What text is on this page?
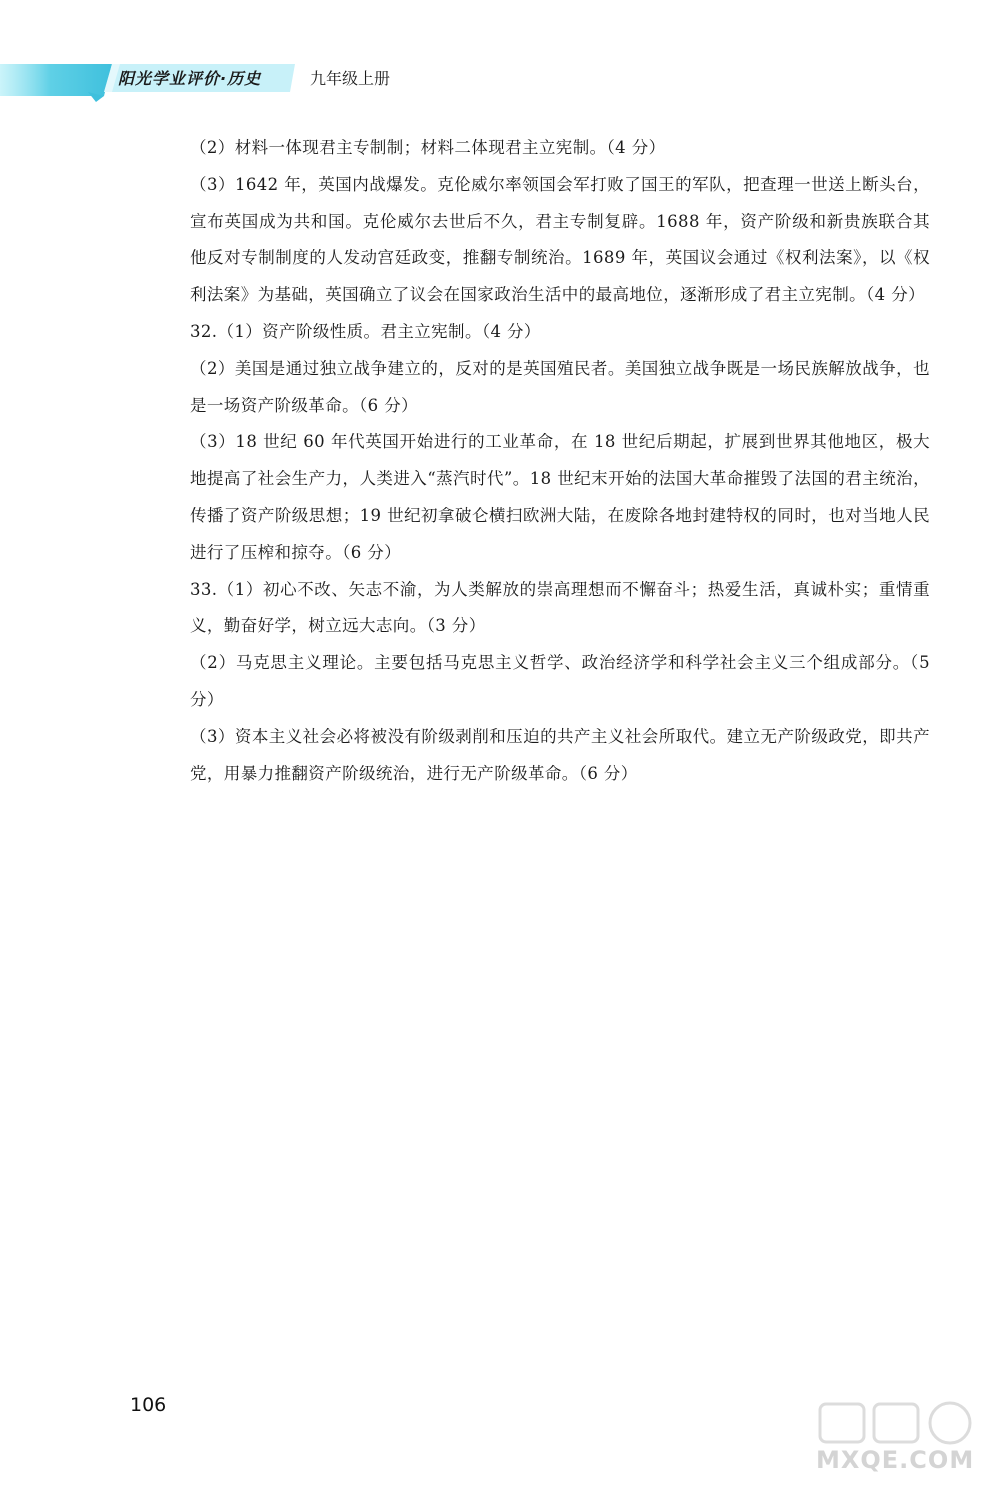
阳光学业评价·历史	九年级上册

（2）材料一体现君主专制制；材料二体现君主立宪制。（4 分）

（3）1642 年，英国内战爆发。克伦威尔率领国会军打败了国王的军队，把查理一世送上断头台，宣布英国成为共和国。克伦威尔去世后不久，君主专制复辟。1688 年，资产阶级和新贵族联合其他反对专制制度的人发动宫廷政变，推翻专制统治。1689 年，英国议会通过《权利法案》，以《权利法案》为基础，英国确立了议会在国家政治生活中的最高地位，逐渐形成了君主立宪制。（4 分）

32.（1）资产阶级性质。君主立宪制。（4 分）

（2）美国是通过独立战争建立的，反对的是英国殖民者。美国独立战争既是一场民族解放战争，也是一场资产阶级革命。（6 分）

（3）18 世纪 60 年代英国开始进行的工业革命，在 18 世纪后期起，扩展到世界其他地区，极大地提高了社会生产力，人类进入“蒸汽时代”。18 世纪末开始的法国大革命摧毁了法国的君主统治，传播了资产阶级思想；19 世纪初拿破仑横扫欧洲大陆，在废除各地封建特权的同时，也对当地人民进行了压榨和掠夺。（6 分）

33.（1）初心不改、矢志不渝，为人类解放的崇高理想而不懈奋斗；热爱生活，真诚朴实；重情重义，勤奋好学，树立远大志向。（3 分）

（2）马克思主义理论。主要包括马克思主义哲学、政治经济学和科学社会主义三个组成部分。（5 分）

（3）资本主义社会必将被没有阶级剥削和压迫的共产主义社会所取代。建立无产阶级政党，即共产党，用暴力推翻资产阶级统治，进行无产阶级革命。（6 分）

106
MXQE.COM
